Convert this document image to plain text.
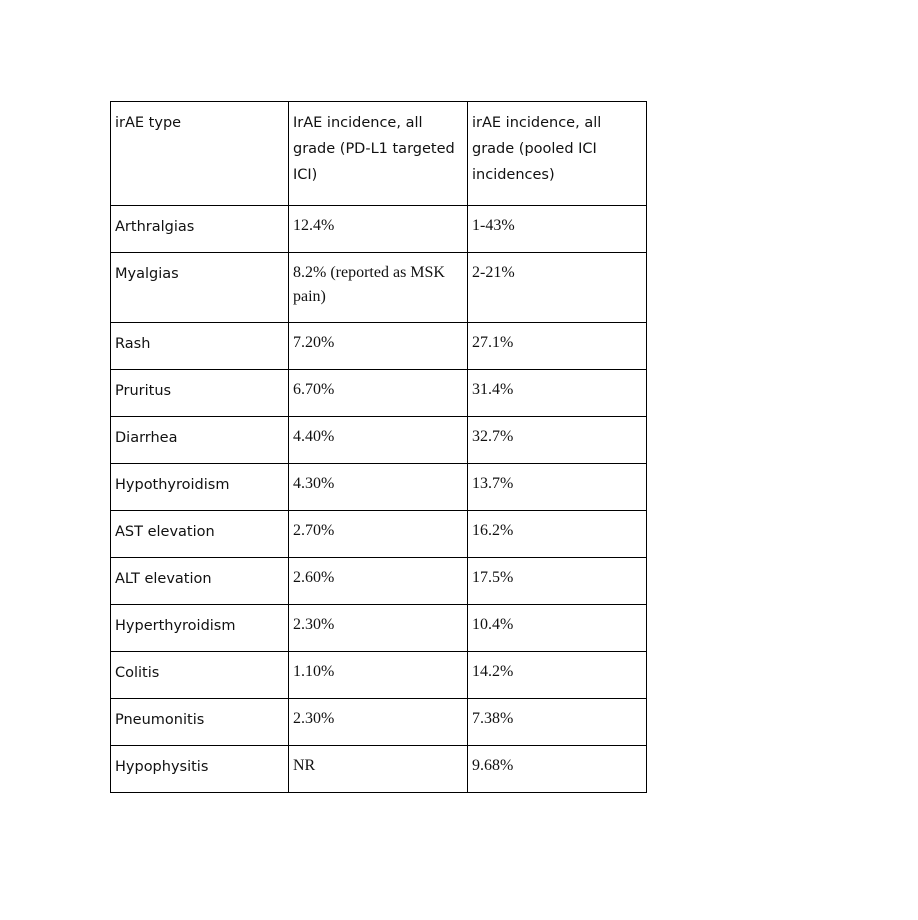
irAE type	IrAE incidence, all grade (PD-L1 targeted ICI)	irAE incidence, all grade (pooled ICI incidences)
Arthralgias	12.4%	1-43%
Myalgias	8.2% (reported as MSK pain)	2-21%
Rash	7.20%	27.1%
Pruritus	6.70%	31.4%
Diarrhea	4.40%	32.7%
Hypothyroidism	4.30%	13.7%
AST elevation	2.70%	16.2%
ALT elevation	2.60%	17.5%
Hyperthyroidism	2.30%	10.4%
Colitis	1.10%	14.2%
Pneumonitis	2.30%	7.38%
Hypophysitis	NR	9.68%
